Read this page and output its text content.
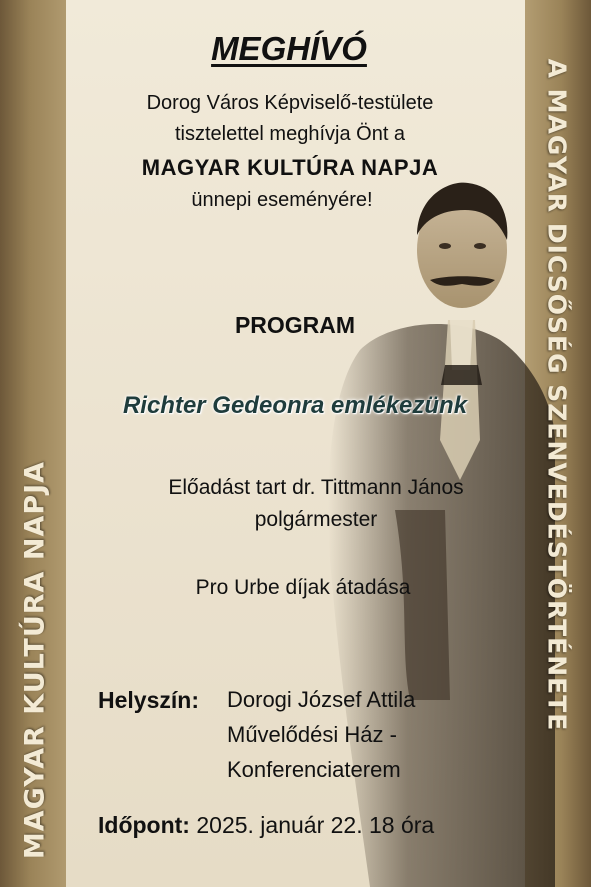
MAGYAR KULTÚRA NAPJA	A MAGYAR DICSŐSÉG SZENVEDÉSTÖRTÉNETE
MEGHÍVÓ
Dorog Város Képviselő-testülete
tisztelettel meghívja Önt a
MAGYAR KULTÚRA NAPJA
ünnepi eseményére!
PROGRAM
Richter Gedeonra emlékezünk
Előadást tart dr. Tittmann János
polgármester
Pro Urbe díjak átadása
Helyszín: Dorogi József Attila
Művelődési Ház -
Konferenciaterem
Időpont: 2025. január 22. 18 óra
